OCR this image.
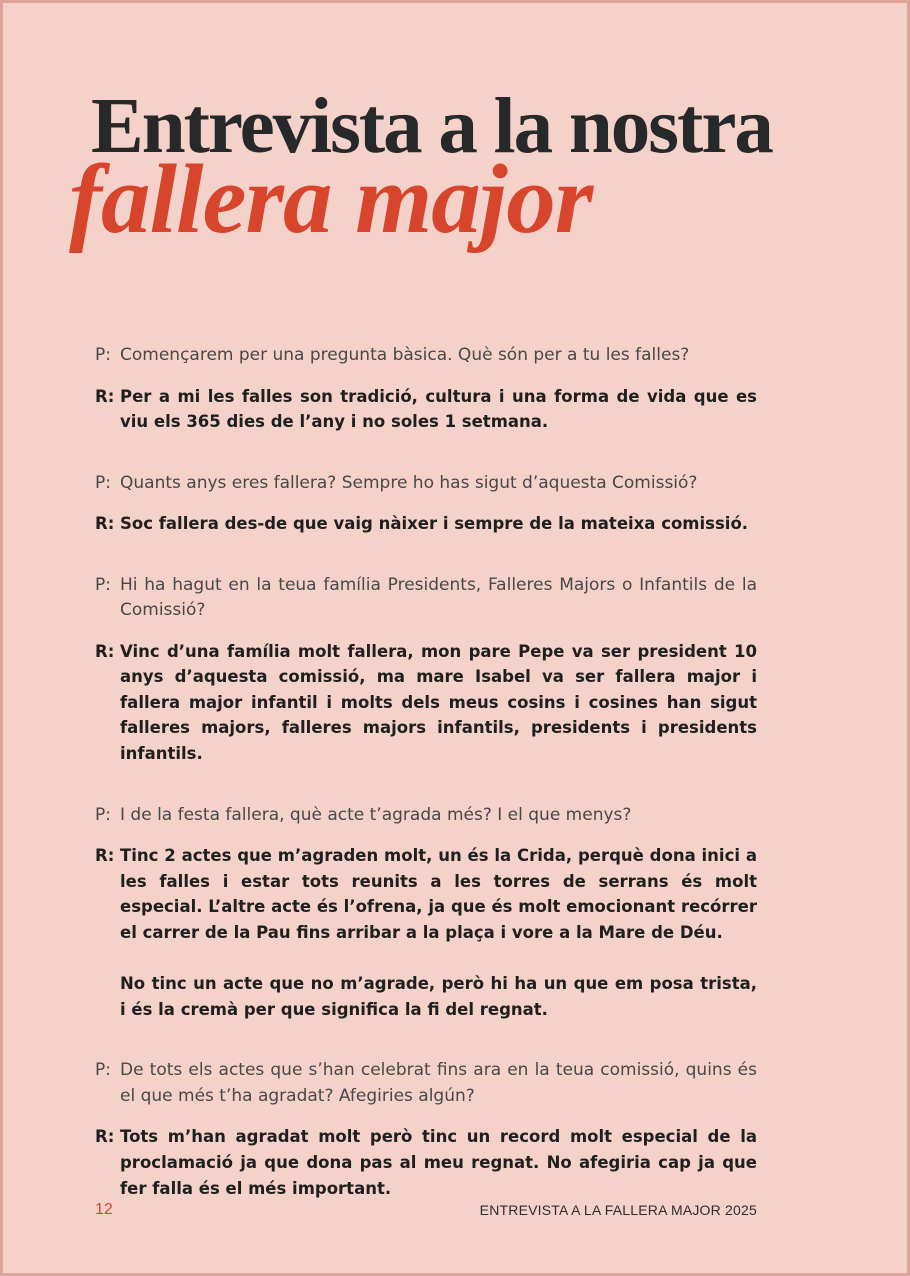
Entrevista a la nostra
fallera major

P: Començarem per una pregunta bàsica. Què són per a tu les falles?

R: Per a mi les falles son tradició, cultura i una forma de vida que es viu els 365 dies de l’any i no soles 1 setmana.

P: Quants anys eres fallera? Sempre ho has sigut d’aquesta Comissió?

R: Soc fallera des-de que vaig nàixer i sempre de la mateixa comissió.

P: Hi ha hagut en la teua família Presidents, Falleres Majors o Infantils de la Comissió?

R: Vinc d’una família molt fallera, mon pare Pepe va ser president 10 anys d’aquesta comissió, ma mare Isabel va ser fallera major i fallera major infantil i molts dels meus cosins i cosines han sigut falleres majors, falleres majors infantils, presidents i presidents infantils.

P: I de la festa fallera, què acte t’agrada més? I el que menys?

R: Tinc 2 actes que m’agraden molt, un és la Crida, perquè dona inici a les falles i estar tots reunits a les torres de serrans és molt especial. L’altre acte és l’ofrena, ja que és molt emocionant recórrer el carrer de la Pau fins arribar a la plaça i vore a la Mare de Déu.

No tinc un acte que no m’agrade, però hi ha un que em posa trista, i és la cremà per que significa la fi del regnat.

P: De tots els actes que s’han celebrat fins ara en la teua comissió, quins és el que més t’ha agradat? Afegiries algún?

R: Tots m’han agradat molt però tinc un record molt especial de la proclamació ja que dona pas al meu regnat. No afegiria cap ja que fer falla és el més important.

12	ENTREVISTA A LA FALLERA MAJOR 2025
